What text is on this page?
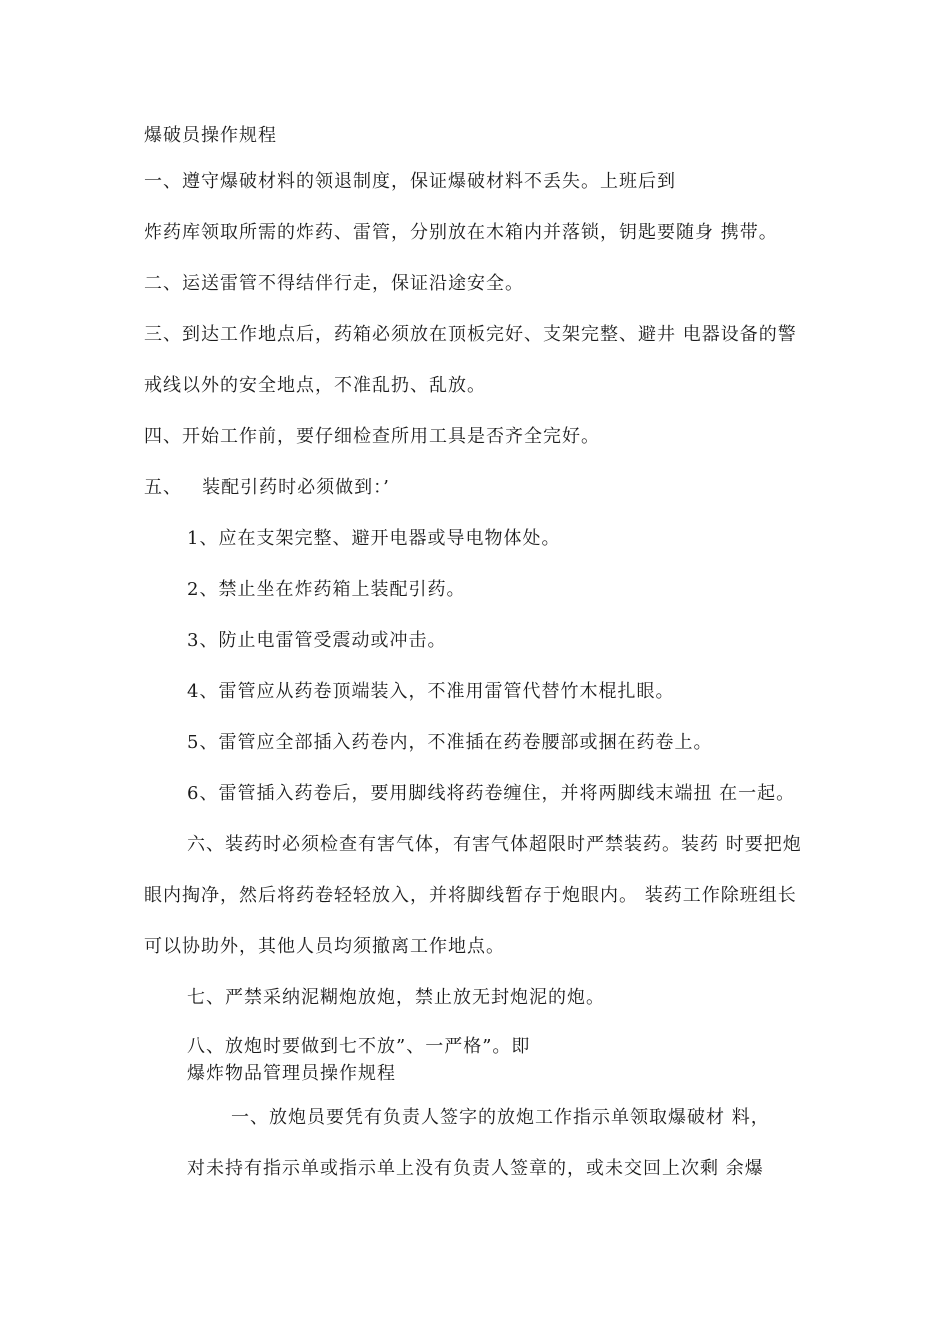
爆破员操作规程
一、遵守爆破材料的领退制度，保证爆破材料不丢失。上班后到
炸药库领取所需的炸药、雷管，分别放在木箱内并落锁，钥匙要随身 携带。
二、运送雷管不得结伴行走，保证沿途安全。
三、到达工作地点后，药箱必须放在顶板完好、支架完整、避井 电器设备的警
戒线以外的安全地点，不准乱扔、乱放。
四、开始工作前，要仔细检查所用工具是否齐全完好。
五、   装配引药时必须做到：’
1、应在支架完整、避开电器或导电物体处。
2、禁止坐在炸药箱上装配引药。
3、防止电雷管受震动或冲击。
4、雷管应从药卷顶端装入，不准用雷管代替竹木棍扎眼。
5、雷管应全部插入药卷内，不准插在药卷腰部或捆在药卷上。
6、雷管插入药卷后，要用脚线将药卷缠住，并将两脚线末端扭 在一起。
六、装药时必须检查有害气体，有害气体超限时严禁装药。装药 时要把炮
眼内掏净，然后将药卷轻轻放入，并将脚线暂存于炮眼内。 装药工作除班组长
可以协助外，其他人员均须撤离工作地点。
七、严禁采纳泥糊炮放炮，禁止放无封炮泥的炮。
八、放炮时要做到七不放”、一严格”。即
爆炸物品管理员操作规程
一、放炮员要凭有负责人签字的放炮工作指示单领取爆破材 料，
对未持有指示单或指示单上没有负责人签章的，或未交回上次剩 余爆
